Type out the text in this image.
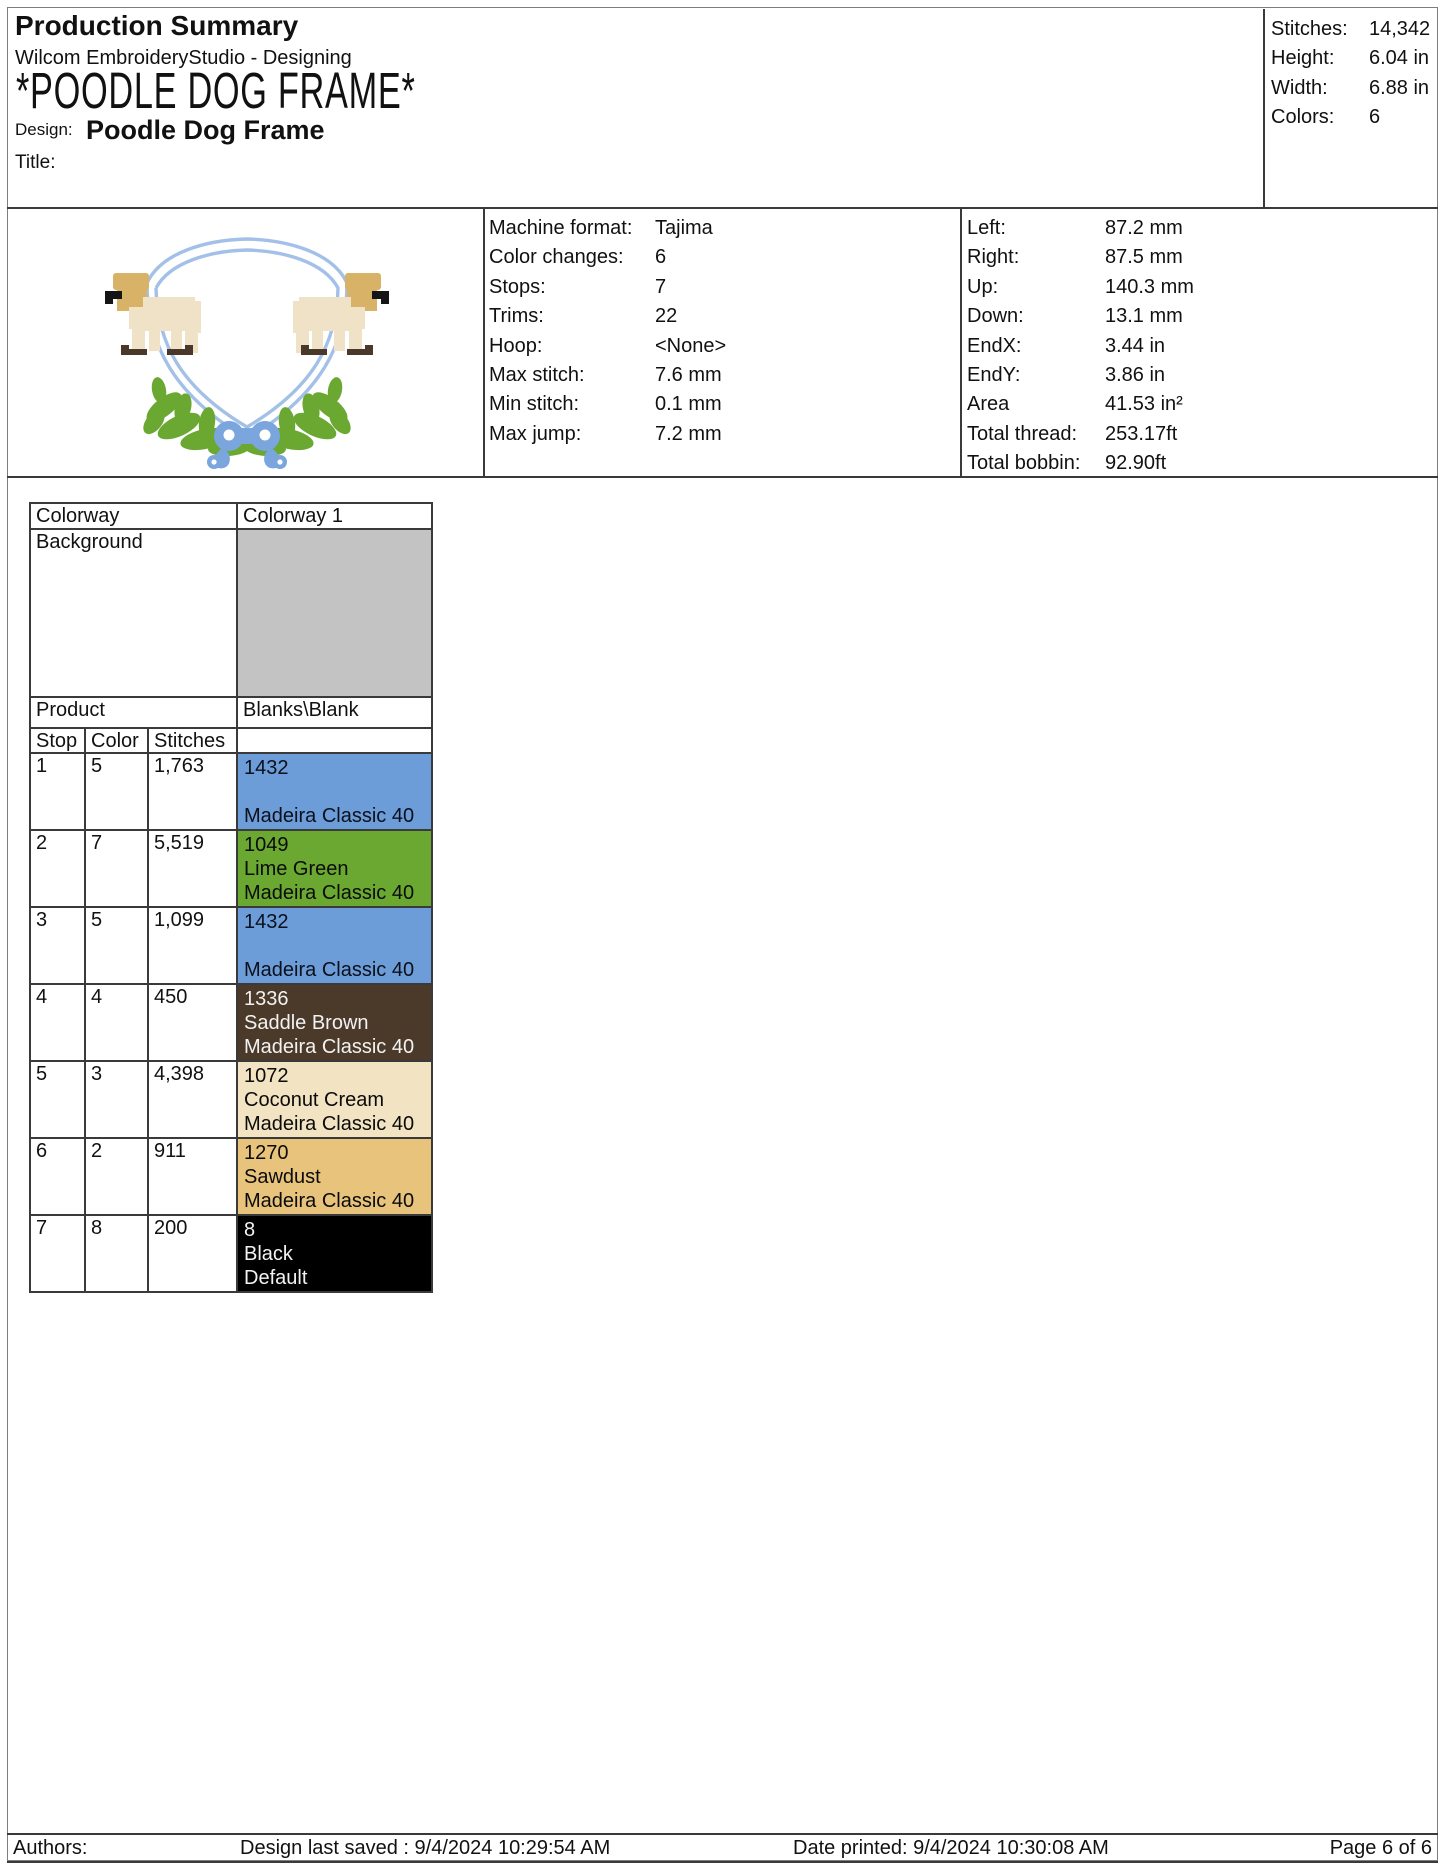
Production Summary
Wilcom EmbroideryStudio - Designing
*POODLE DOG FRAME*
Design: Poodle Dog Frame
Title:
Stitches:	14,342
Height:	6.04 in
Width:	6.88 in
Colors:	6
Machine format:	Tajima
Color changes:	6
Stops:	7
Trims:	22
Hoop:	<None>
Max stitch:	7.6 mm
Min stitch:	0.1 mm
Max jump:	7.2 mm
Left:	87.2 mm
Right:	87.5 mm
Up:	140.3 mm
Down:	13.1 mm
EndX:	3.44 in
EndY:	3.86 in
Area	41.53 in²
Total thread:	253.17ft
Total bobbin:	92.90ft
Colorway	Colorway 1
Background
Product	Blanks\Blank
Stop Color Stitches
1	5	1,763	1432
Madeira Classic 40
2	7	5,519	1049
Lime Green
Madeira Classic 40
3	5	1,099	1432
Madeira Classic 40
4	4	450	1336
Saddle Brown
Madeira Classic 40
5	3	4,398	1072
Coconut Cream
Madeira Classic 40
6	2	911	1270
Sawdust
Madeira Classic 40
7	8	200	8
Black
Default
Authors:	Design last saved : 9/4/2024 10:29:54 AM	Date printed: 9/4/2024 10:30:08 AM	Page 6 of 6
